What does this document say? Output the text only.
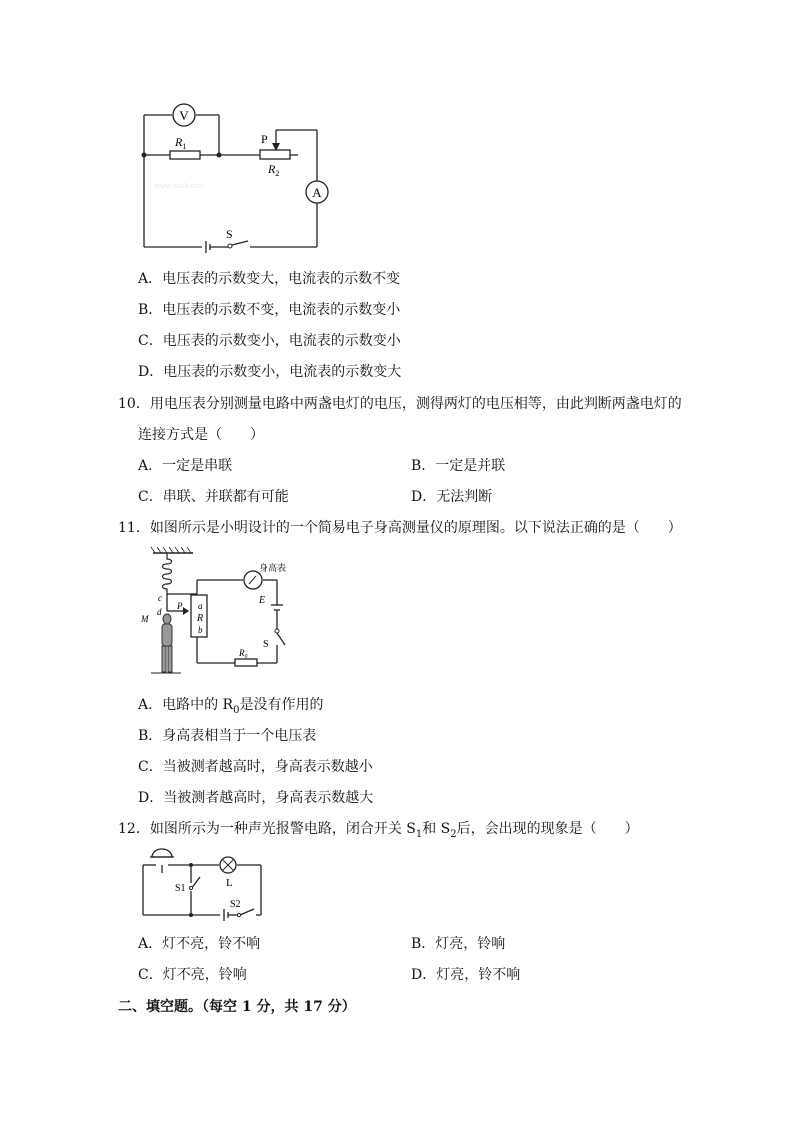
V
A
$R_1$
P
$R_2$
S
www.zxxk.com
A．电压表的示数变大，电流表的示数不变
B．电压表的示数不变，电流表的示数变小
C．电压表的示数变小，电流表的示数变小
D．电压表的示数变小，电流表的示数变大
10．用电压表分别测量电路中两盏电灯的电压，测得两灯的电压相等，由此判断两盏电灯的
连接方式是（　　）
A．一定是串联	B．一定是并联
C．串联、并联都有可能	D．无法判断
11．如图所示是小明设计的一个简易电子身高测量仪的原理图。以下说法正确的是（　　）
身高表
E
S
R₀
a
R
b
P
c
d
M
A．电路中的 $R_0$是没有作用的
B．身高表相当于一个电压表
C．当被测者越高时，身高表示数越小
D．当被测者越高时，身高表示数越大
12．如图所示为一种声光报警电路，闭合开关 $S_1$和 $S_2$后，会出现的现象是（　　）
S1
S2
L
A．灯不亮，铃不响	B．灯亮，铃响
C．灯不亮，铃响	D．灯亮，铃不响
二、填空题。（每空 1 分，共 17 分）
